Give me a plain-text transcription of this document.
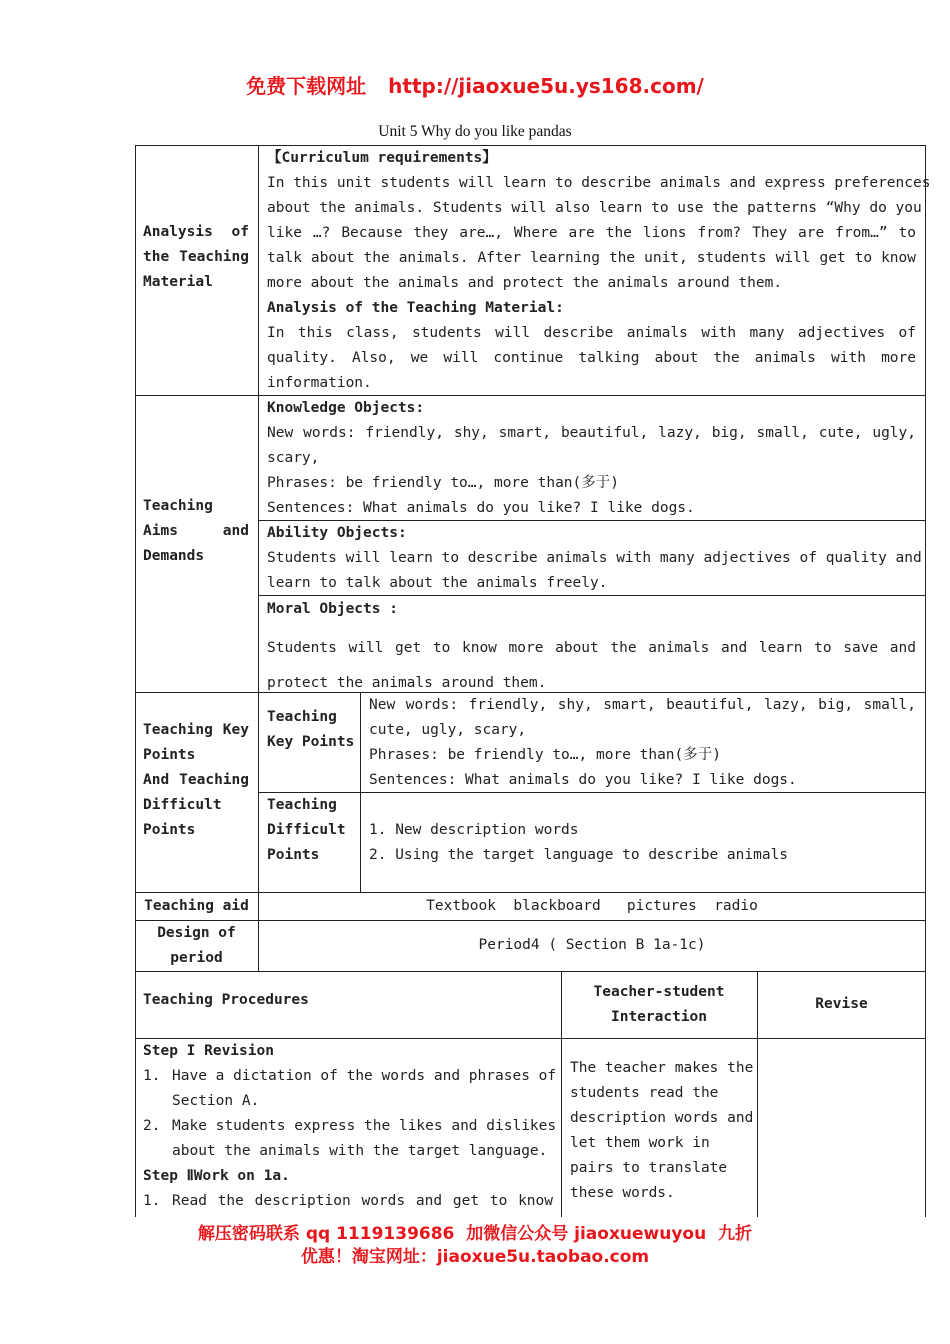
免费下载网址 http://jiaoxue5u.ys168.com/
Unit 5 Why do you like pandas
Analysis of
the Teaching
Material
【Curriculum requirements】
In this unit students will learn to describe animals and express preferences
about the animals. Students will also learn to use the patterns “Why do you
like …? Because they are…, Where are the lions from? They are from…” to
talk about the animals. After learning the unit, students will get to know
more about the animals and protect the animals around them.
Analysis of the Teaching Material:
In this class, students will describe animals with many adjectives of
quality. Also, we will continue talking about the animals with more
information.
Teaching
Aims and
Demands
Knowledge Objects:
New words: friendly, shy, smart, beautiful, lazy, big, small, cute, ugly,
scary,
Phrases: be friendly to…, more than(多于)
Sentences: What animals do you like? I like dogs.
Ability Objects:
Students will learn to describe animals with many adjectives of quality and
learn to talk about the animals freely.
Moral Objects :
Students will get to know more about the animals and learn to save and
protect the animals around them.
Teaching Key
Points
And Teaching
Difficult
Points
Teaching
Key Points
New words: friendly, shy, smart, beautiful, lazy, big, small,
cute, ugly, scary,
Phrases: be friendly to…, more than(多于)
Sentences: What animals do you like? I like dogs.
Teaching
Difficult
Points
1. New description words
2. Using the target language to describe animals
Teaching aid	Textbook  blackboard   pictures  radio
Design of
period
Period4 ( Section B 1a-1c)
Teaching Procedures	Teacher-student
Interaction
Revise
Step I Revision
1. Have a dictation of the words and phrases of
Section A.
2. Make students express the likes and dislikes
about the animals with the target language.
Step ⅡWork on 1a.
1. Read the description words and get to know
The teacher makes the
students read the
description words and
let them work in
pairs to translate
these words.
解压密码联系 qq 1119139686  加微信公众号 jiaoxuewuyou  九折
优惠！淘宝网址：jiaoxue5u.taobao.com
